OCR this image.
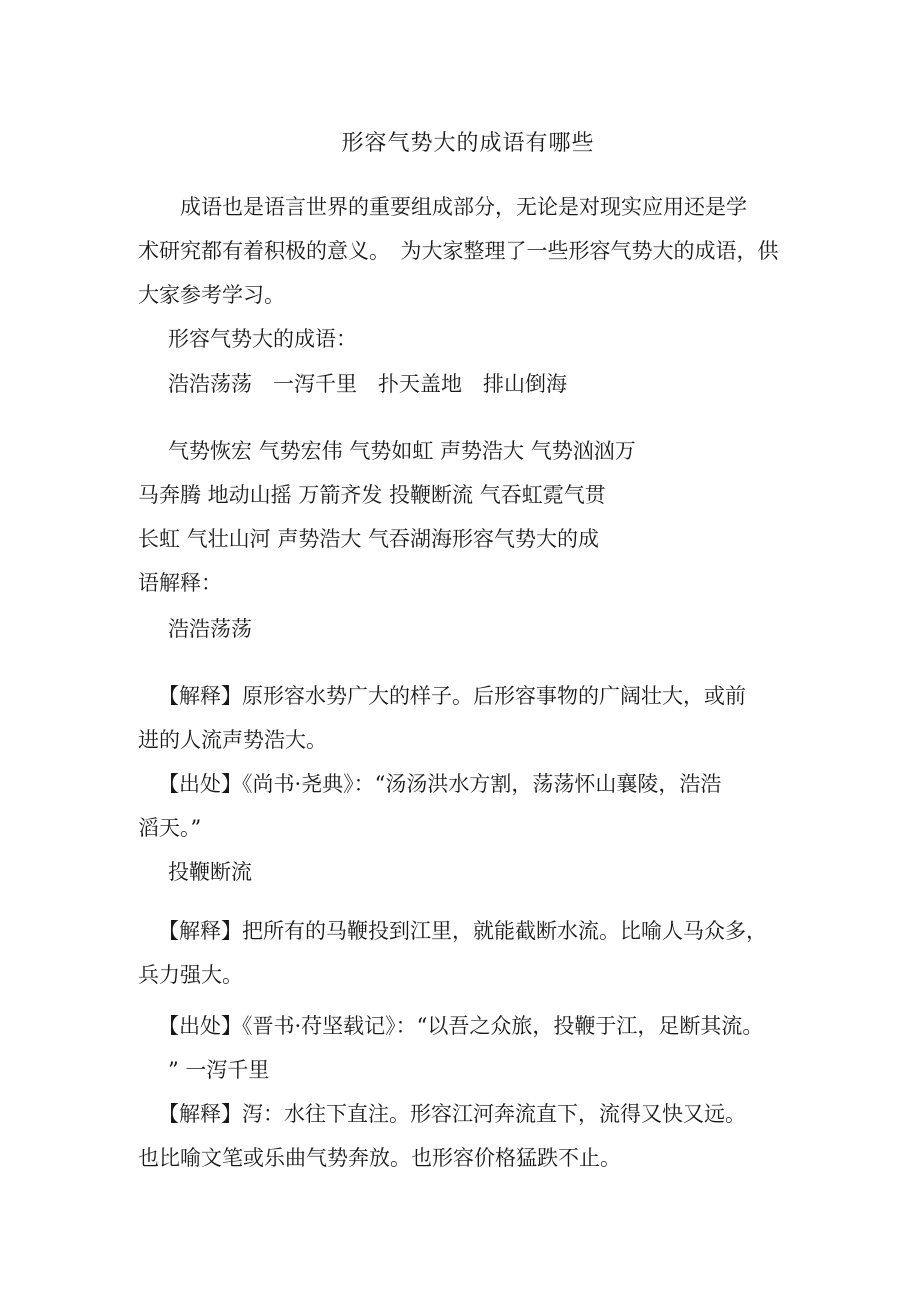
形容气势大的成语有哪些
成语也是语言世界的重要组成部分，无论是对现实应用还是学
术研究都有着积极的意义。　为大家整理了一些形容气势大的成语，供
大家参考学习。
形容气势大的成语：
浩浩荡荡　一泻千里　扑天盖地　排山倒海
气势恢宏 气势宏伟 气势如虹 声势浩大 气势汹汹万
马奔腾 地动山摇 万箭齐发 投鞭断流 气吞虹霓气贯
长虹 气壮山河 声势浩大 气吞湖海形容气势大的成
语解释：
浩浩荡荡
【解释】原形容水势广大的样子。后形容事物的广阔壮大，或前
进的人流声势浩大。
【出处】《尚书·尧典》：“汤汤洪水方割，荡荡怀山襄陵，浩浩
滔天。”
投鞭断流
【解释】把所有的马鞭投到江里，就能截断水流。比喻人马众多，
兵力强大。
【出处】《晋书·苻坚载记》：“以吾之众旅，投鞭于江，足断其流。
” 一泻千里
【解释】泻：水往下直注。形容江河奔流直下，流得又快又远。
也比喻文笔或乐曲气势奔放。也形容价格猛跌不止。
